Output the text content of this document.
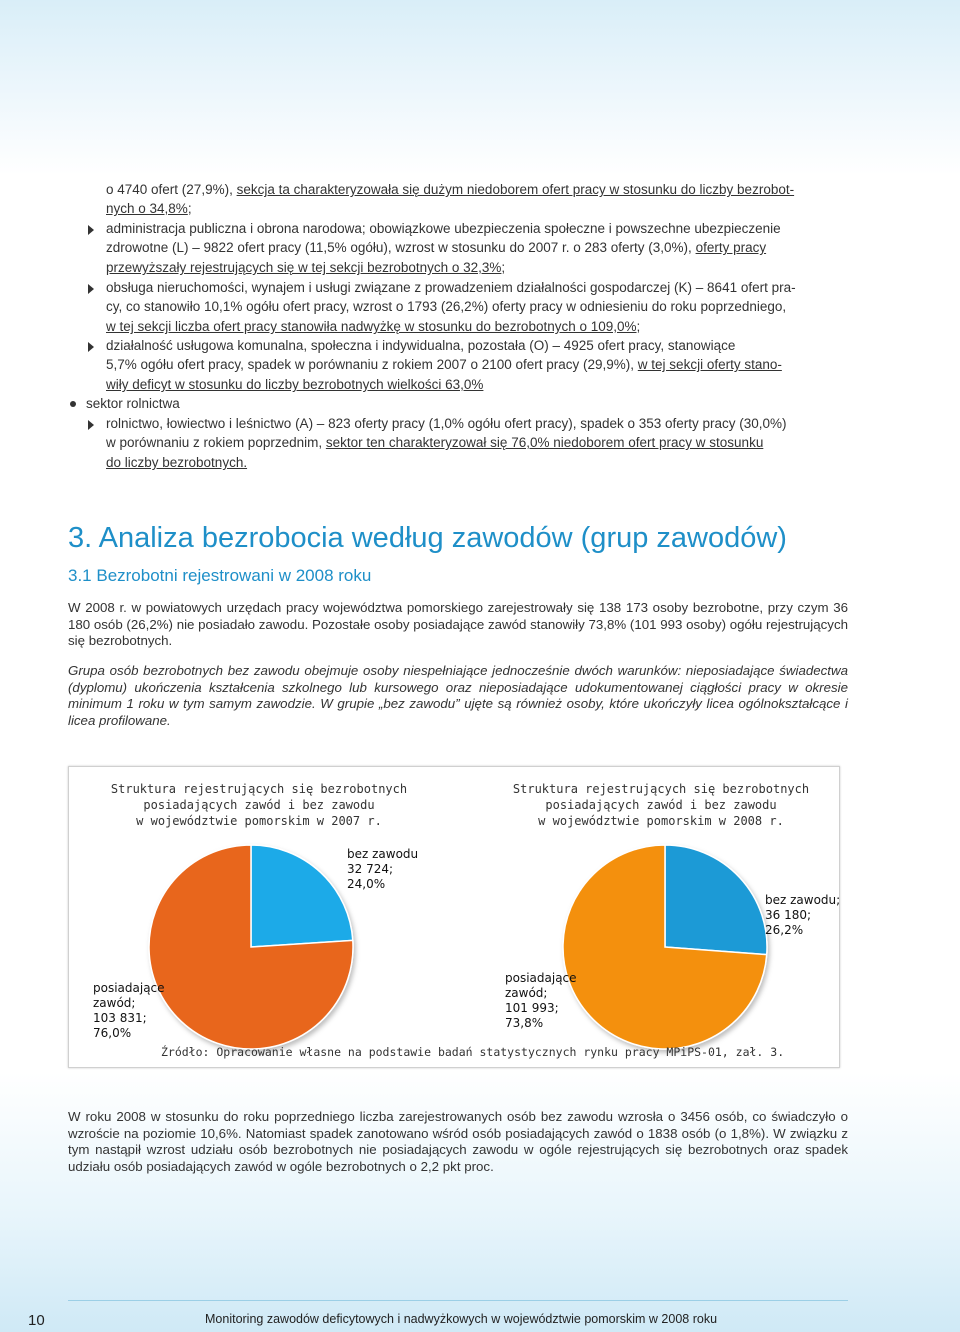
o 4740 ofert (27,9%), sekcja ta charakteryzowała się dużym niedoborem ofert pracy w stosunku do liczby bezrobot-
nych o 34,8%;
administracja publiczna i obrona narodowa; obowiązkowe ubezpieczenia społeczne i powszechne ubezpieczenie
zdrowotne (L) – 9822 ofert pracy (11,5% ogółu), wzrost w stosunku do 2007 r. o 283 oferty (3,0%), oferty pracy
przewyższały rejestrujących się w tej sekcji bezrobotnych o 32,3%;
obsługa nieruchomości, wynajem i usługi związane z prowadzeniem działalności gospodarczej (K) – 8641 ofert pra-
cy, co stanowiło 10,1% ogółu ofert pracy, wzrost o 1793 (26,2%) oferty pracy w odniesieniu do roku poprzedniego,
w tej sekcji liczba ofert pracy stanowiła nadwyżkę w stosunku do bezrobotnych o 109,0%;
działalność usługowa komunalna, społeczna i indywidualna, pozostała (O) – 4925 ofert pracy, stanowiące
5,7% ogółu ofert pracy, spadek w porównaniu z rokiem 2007 o 2100 ofert pracy (29,9%), w tej sekcji oferty stano-
wiły deficyt w stosunku do liczby bezrobotnych wielkości 63,0%
sektor rolnictwa
rolnictwo, łowiectwo i leśnictwo (A) – 823 oferty pracy (1,0% ogółu ofert pracy), spadek o 353 oferty pracy (30,0%)
w porównaniu z rokiem poprzednim, sektor ten charakteryzował się 76,0% niedoborem ofert pracy w stosunku
do liczby bezrobotnych.
3. Analiza bezrobocia według zawodów (grup zawodów)
3.1 Bezrobotni rejestrowani w 2008 roku

W 2008 r. w powiatowych urzędach pracy województwa pomorskiego zarejestrowały się 138 173 osoby bezrobotne, przy czym 36 180 osób (26,2%) nie posiadało zawodu. Pozostałe osoby posiadające zawód stanowiły 73,8% (101 993 osoby) ogółu rejestrujących się bezrobotnych.

Grupa osób bezrobotnych bez zawodu obejmuje osoby niespełniające jednocześnie dwóch warunków: nieposiadające świadectwa (dyplomu) ukończenia kształcenia szkolnego lub kursowego oraz nieposiadające udokumentowanej ciągłości pracy w okresie minimum 1 roku w tym samym zawodzie. W grupie „bez zawodu” ujęte są również osoby, które ukończyły licea ogólnokształcące i licea profilowane.

Struktura rejestrujących się bezrobotnych
posiadających zawód i bez zawodu
w województwie pomorskim w 2007 r.
Struktura rejestrujących się bezrobotnych
posiadających zawód i bez zawodu
w województwie pomorskim w 2008 r.
bez zawodu
32 724;
24,0%
posiadające
zawód;
103 831;
76,0%
bez zawodu;
36 180;
26,2%
posiadające
zawód;
101 993;
73,8%
Źródło: Opracowanie własne na podstawie badań statystycznych rynku pracy MPiPS-01, zał. 3.

W roku 2008 w stosunku do roku poprzedniego liczba zarejestrowanych osób bez zawodu wzrosła o 3456 osób, co świadczyło o wzroście na poziomie 10,6%. Natomiast spadek zanotowano wśród osób posiadających zawód o 1838 osób (o 1,8%). W związku z tym nastąpił wzrost udziału osób bezrobotnych nie posiadających zawodu w ogóle rejestrujących się bezrobotnych oraz spadek udziału osób posiadających zawód w ogóle bezrobotnych o 2,2 pkt proc.

10	Monitoring zawodów deficytowych i nadwyżkowych w województwie pomorskim w 2008 roku
